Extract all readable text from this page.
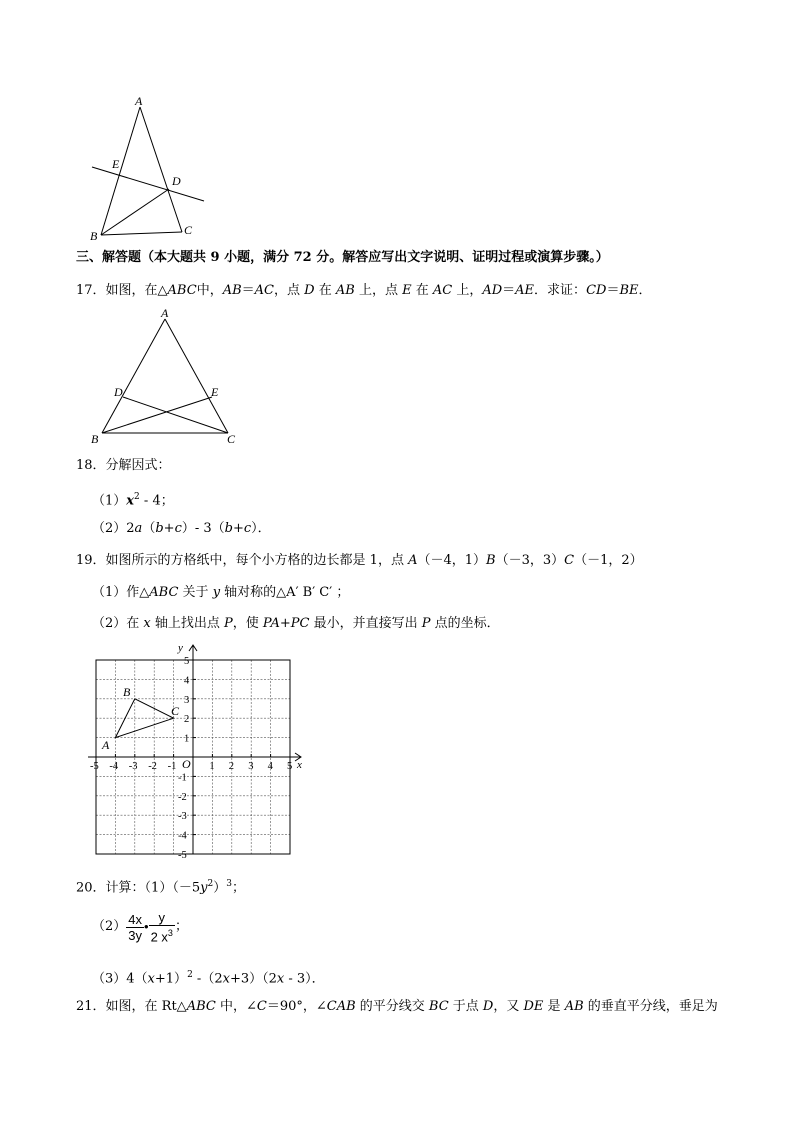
A
E
D
B	C
三、解答题（本大题共 9 小题，满分 72 分。解答应写出文字说明、证明过程或演算步骤。）
17．如图，在△ABC中，AB＝AC，点 D 在 AB 上，点 E 在 AC 上，AD＝AE．求证：CD＝BE．
A
D	E
B	C
18．分解因式：
$(1)x^2 - 4$；
（2）2a（b+c）- 3（b+c）．
19．如图所示的方格纸中，每个小方格的边长都是 1，点 A（－4，1）B（－3，3）C（－1，2）
（1）作△ABC 关于 y 轴对称的△A′ B′ C′ ；
（2）在 x 轴上找出点 P，使 PA+PC 最小，并直接写出 P 点的坐标．
-5 -4 -3 -2 -1	1 2 3 4 5
5
4
3
2
1
-1
-2
-3
-4
-5
O	x
y
A
B
C
20．计算：$(1)(-5y^2)^3$；
$(2) \frac{4x}{3y}$ • $\frac{y}{2 x^3}$ ；
$(3)4(x+1)^2$ -（2x+3）（2x - 3）．
21．如图，在 Rt△ABC 中，∠C＝90°，∠CAB 的平分线交 BC 于点 D，又 DE 是 AB 的垂直平分线，垂足为
